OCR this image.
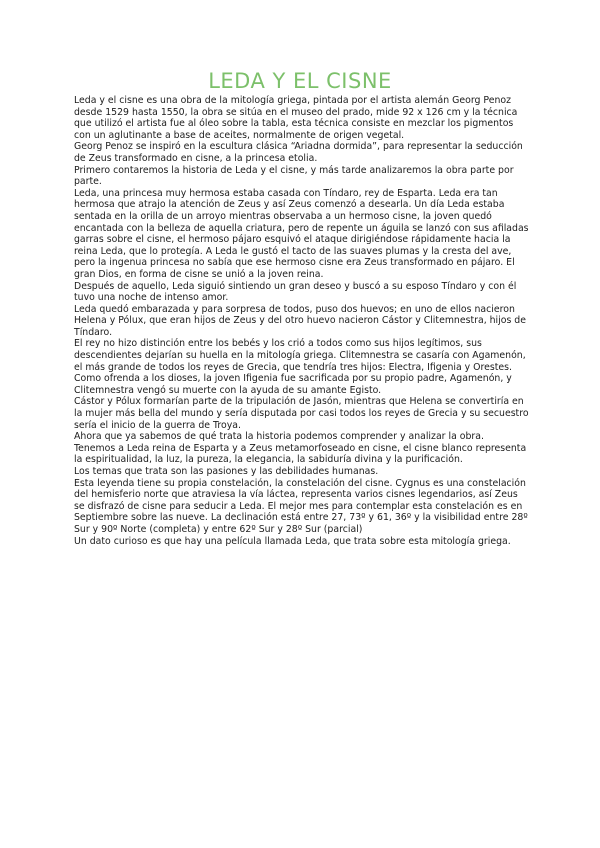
LEDA Y EL CISNE

Leda y el cisne es una obra de la mitología griega, pintada por el artista alemán Georg Penoz desde 1529 hasta 1550, la obra se sitúa en el museo del prado, mide 92 x 126 cm y la técnica que utilizó el artista fue al óleo sobre la tabla, esta técnica consiste en mezclar los pigmentos con un aglutinante a base de aceites, normalmente de origen vegetal.

Georg Penoz se inspiró en la escultura clásica “Ariadna dormida”, para representar la seducción de Zeus transformado en cisne, a la princesa etolia.

Primero contaremos la historia de Leda y el cisne, y más tarde analizaremos la obra parte por parte.

Leda, una princesa muy hermosa estaba casada con Tíndaro, rey de Esparta. Leda era tan hermosa que atrajo la atención de Zeus y así Zeus comenzó a desearla. Un día Leda estaba sentada en la orilla de un arroyo mientras observaba a un hermoso cisne, la joven quedó encantada con la belleza de aquella criatura, pero de repente un águila se lanzó con sus afiladas garras sobre el cisne, el hermoso pájaro esquivó el ataque dirigiéndose rápidamente hacia la reina Leda, que lo protegía. A Leda le gustó el tacto de las suaves plumas y la cresta del ave, pero la ingenua princesa no sabía que ese hermoso cisne era Zeus transformado en pájaro. El gran Dios, en forma de cisne se unió a la joven reina.

Después de aquello, Leda siguió sintiendo un gran deseo y buscó a su esposo Tíndaro y con él tuvo una noche de intenso amor.

Leda quedó embarazada y para sorpresa de todos, puso dos huevos; en uno de ellos nacieron Helena y Pólux, que eran hijos de Zeus y del otro huevo nacieron Cástor y Clitemnestra, hijos de Tíndaro.

El rey no hizo distinción entre los bebés y los crió a todos como sus hijos legítimos, sus descendientes dejarían su huella en la mitología griega. Clitemnestra se casaría con Agamenón, el más grande de todos los reyes de Grecia, que tendría tres hijos: Electra, Ifigenia y Orestes.

Como ofrenda a los dioses, la joven Ifigenia fue sacrificada por su propio padre, Agamenón, y Clitemnestra vengó su muerte con la ayuda de su amante Egisto.

Cástor y Pólux formarían parte de la tripulación de Jasón, mientras que Helena se convertiría en la mujer más bella del mundo y sería disputada por casi todos los reyes de Grecia y su secuestro sería el inicio de la guerra de Troya.

Ahora que ya sabemos de qué trata la historia podemos comprender y analizar la obra.

Tenemos a Leda reina de Esparta y a Zeus metamorfoseado en cisne, el cisne blanco representa la espiritualidad, la luz, la pureza, la elegancia, la sabiduría divina y la purificación.

Los temas que trata son las pasiones y las debilidades humanas.

Esta leyenda tiene su propia constelación, la constelación del cisne. Cygnus es una constelación del hemisferio norte que atraviesa la vía láctea, representa varios cisnes legendarios, así Zeus se disfrazó de cisne para seducir a Leda. El mejor mes para contemplar esta constelación es en Septiembre sobre las nueve. La declinación está entre 27, 73º y 61, 36º y la visibilidad entre 28º Sur y 90º Norte (completa) y entre 62º Sur y 28º Sur (parcial)

Un dato curioso es que hay una película llamada Leda, que trata sobre esta mitología griega.
